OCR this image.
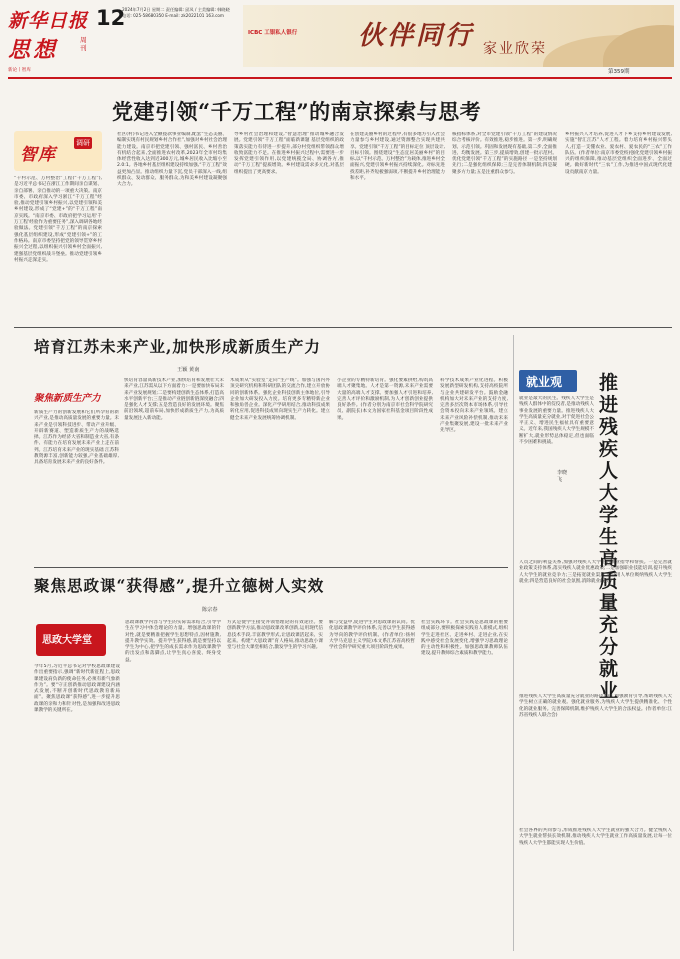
新华日报 12
2024年7月2日 星期二 责任编辑: 邱凤 / 主美编辑: 韩晓晓 电话: 025-58680350 E-mail: zk2022101 163.com
思想	周刊
新论丨智库	第359期
ICBC 工银私人银行 伙伴同行 家业欣荣
党建引领“千万工程”的南京探索与思考
智库
调研
“千村示范、万村整治”工程(“千万工程”),是习近平总书记在浙江工作期间亲自谋划、亲自部署、亲自推动的一项重大决策。南京市委、市政府深入学习浙江“千万工程”经验,推动党建引领乡村振兴,以党建引领和美乡村建设,形成了“党建+”的“千万工程”南京实践。“南京市委、市政府把学习运用‘千万工程’经验作为重要任务”,深入调研各地经验做法。党建引领“千万工程”的南京探索 强化基层组织建设,形成“党建引领+”的工作格局。南京市委坚持把党的领导贯穿乡村振兴全过程,以组织振兴引领乡村全面振兴,建强基层党组织战斗堡垒。推动党建引领乡村振兴走深走实。
社区(村)书记进入全额拨款事业编制,配套“生态美丽、编制实现有村民规划乡村合作社”,加强对乡村社会治理能力建设。南京市把党建引领、强村富民、乡村善治有机结合起来,全面推进农村改革,2023年全市村均集体经营性收入达到近300万元,城乡居民收入比缩小至2.0:1。各地乡村基层组织建设持续加强,“千万工程”效益更加凸显。推动组织力量下沉,党员干部深入一线,组织群众、发动群众、服务群众,为和美乡村建设凝聚强大合力。
导乡村社会治理和建设,“智慧治理”推动城乡融合发展。党建引领“千万工程”面临新课题 基层党组织的政策落实能力有待进一步提升,部分村党组织带领群众增收致富能力不足。在推进乡村振兴过程中,需要进一步发挥党建引领作用,以党建统揽全局、协调各方,推动“千万工程”提质增效。乡村建设需求多元化,对基层组织提出了更高要求。
在创建美丽乡村的过程中,有很多地方引入社会力量参与乡村建设,通过资源整合实现共建共享。党建引领“千万工程”的目标定位 顶层设计,目标引领。围绕建设“生态宜居美丽乡村”的目标,以“千村示范、万村整治”为载体,推进乡村全面振兴,党建引领乡村振兴持续深化。对标先进找差距,补齐短板强弱项,不断提升乡村治理能力和水平。
核指标体系,对全市党建引领“千万工程”的建设情况综合考核评价。有效推进,稳步推进。第一步,明确规划、示范引领。巩固和发展现有基础,第二步,全面推进、均衡发展。第三步,提质增效,创建一批示范村。优化党建引领“千万工程”的实施路径 一是坚持规划先行;二是强化组织保障;三是完善体制机制;四是凝聚多方力量;五是注重群众参与。
乡村振兴人才培养,促进人才下乡支持乡村建设发展,实施“智汇江苏”人才工程。着力培育乡村振兴带头人,打造一支懂农业、爱农村、爱农民的“三农”工作队伍。(作者单位:南京市委党校)强化党建引领乡村振兴的组织保障,推动基层党组织全面进步、全面过硬。做好新时代“三农”工作,为推进中国式现代化建设贡献南京力量。
培育江苏未来产业,加快形成新质生产力
王颖 黄南
聚焦新质生产力
新质生产力的创新发展和它们所孕育的新兴产业,是推动高质量发展的重要力量。未来产业是引领科技进步、带动产业升级、开辟新赛道、塑造新质生产力的战略选择。江苏作为经济大省和制造业大省,有条件、有能力在培育发展未来产业上走在前列。江苏培育未来产业的现实基础 江苏科教资源丰富,创新能力较强,产业基础雄厚,具备培育发展未来产业的良好条件。
快培育容量高新技术产业,加快培育和发展壮大未来产业,江苏需从以下方面着力:一是要加快布局未来产业发展规划;二是要构建创新生态体系,打造高水平创新平台;三是推动产业链创新链深度融合;四是强化人才支撑;五是营造良好的发展环境。聚焦前沿领域,超前布局,加快形成新质生产力,为高质量发展注入新动能。
术成果从“实验室”走向“生产线”。加强与国内外顶尖研究机构和科研团队的交流合作,建立开放协同的创新体系。强化企业科技创新主体地位,引导企业加大研发投入力度。培育更多专精特新企业和独角兽企业。深化产学研用结合,推动科技成果转化应用,促进科技成果向现实生产力转化。建立健全未来产业发展统筹协调机制。
小企业的专精特新培育。强化要素供给,构筑高端人才聚集地。人才是第一资源,未来产业需要大量的高端人才支撑。要加强人才引进和培养,完善人才评价和激励机制,为人才创新创业提供良好条件。(作者分别为南京市社会科学院研究员、副院长)本文为国家社科基金项目阶段性成果。
科学技术成果产业化进程。积极发展新型研发机构,支持高校院所与企业共建研发平台。鼓励金融机构加大对未来产业的支持力度,完善多层次资本市场体系,引导社会资本投向未来产业领域。建立未来产业风险补偿机制,推动未来产业集聚发展,建设一批未来产业先导区。
聚焦思政课“获得感”,提升立德树人实效
陈宗春
思政大学堂
今年5月,习近平总书记对学校思政课建设作出重要指示,强调“新时代新征程上,思政课建设肩负新的使命任务,必须有新气象新作为”。要“守正创新推动思政课建设内涵式发展,不断开创新时代思政教育新局面”。聚焦思政课“获得感”,进一步提升思政课的亲和力和针对性,是加强和改进思政课教学的关键所在。
思政课教学内容与学生的实际需求结合,引导学生在学习中体会理论的力量。增强思政课的针对性,就是要精准把握学生思想特点,因材施教,提升教学实效。提升学生获得感,就是要坚持以学生为中心,把学生的成长需求作为思政课教学的出发点和落脚点,让学生真心喜爱、终身受益。
方式是使学生接受并领悟理论的有效途径。要创新教学方法,推动思政课改革创新,运用现代信息技术手段,丰富教学形式,让思政课活起来、实起来。构建“大思政课”育人格局,推动思政小课堂与社会大课堂相结合,激发学生的学习兴趣。
解与受益中,促进学生对思政课的认同。优化思政课教学评价体系,完善以学生获得感为导向的教学评价机制。(作者单位:扬州大学马克思主义学院)本文系江苏省高校哲学社会科学研究重大项目阶段性成果。
社会实践环节。社会实践是思政课的重要组成部分,要积极探索实践育人新模式,组织学生走进社区、走进乡村、走进企业,在实践中感受社会发展变化,增强学习思政理论的主动性和积极性。加强思政课教师队伍建设,提升教师综合素质和教学能力。
就业观 推进残疾人大学生高质量充分就业
李晓飞
就业是最大的民生。残疾人大学生是残疾人群体中的佼佼者,是推动残疾人事业发展的重要力量。推进残疾人大学生高质量充分就业,对于促进社会公平正义、增进民生福祉具有重要意义。近年来,我国残疾人大学生规模不断扩大,就业形势总体稳定,但也面临不少困难和挑战。
人员之间的利益关系,加强对残疾人大学生的就业指导和帮扶。一是完善就业政策支持体系,落实残疾人就业优惠政策;二是加强职业技能培训,提升残疾人大学生的就业竞争力;三是拓宽就业渠道,鼓励用人单位吸纳残疾人大学生就业;四是营造良好的社会氛围,消除就业歧视。
推进残疾人大学生高质量充分就业的路径选择 加强教育引导,帮助残疾人大学生树立正确的就业观。强化就业服务,为残疾人大学生提供精准化、个性化的就业服务。完善保障机制,维护残疾人大学生的合法权益。(作者单位:江苏省残疾人联合会)
社会各界的共同参与,形成推进残疾人大学生就业的强大合力。健全残疾人大学生就业帮扶长效机制,推动残疾人大学生就业工作高质量发展,让每一位残疾人大学生都能实现人生价值。
